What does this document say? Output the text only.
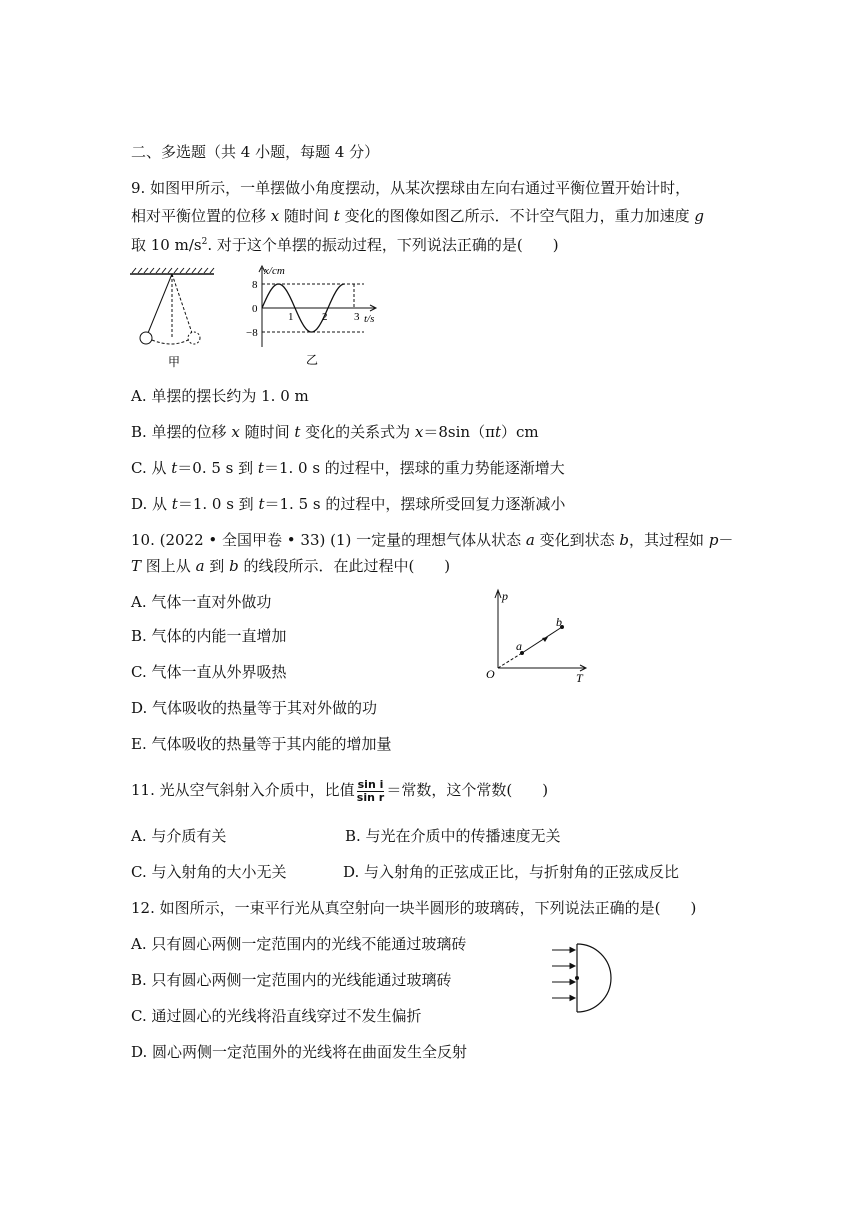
二、多选题（共 4 小题，每题 4 分）
9. 如图甲所示，一单摆做小角度摆动，从某次摆球由左向右通过平衡位置开始计时，
相对平衡位置的位移 x 随时间 t 变化的图像如图乙所示．不计空气阻力，重力加速度 g
取 10 $m/s^2$. 对于这个单摆的振动过程，下列说法正确的是(　　)
甲
x/cm
8
0
−8
1	2 3 t/s
乙
A. 单摆的摆长约为 1. 0 m
B. 单摆的位移 x 随时间 t 变化的关系式为 x＝8sin（πt）cm
C. 从 t＝0. 5 s 到 t＝1. 0 s 的过程中，摆球的重力势能逐渐增大
D. 从 t＝1. 0 s 到 t＝1. 5 s 的过程中，摆球所受回复力逐渐减小
10. (2022 • 全国甲卷 • 33) (1) 一定量的理想气体从状态 a 变化到状态 b，其过程如 p－
T 图上从 a 到 b 的线段所示．在此过程中(　　)
A. 气体一直对外做功
B. 气体的内能一直增加
C. 气体一直从外界吸热
D. 气体吸收的热量等于其对外做的功
E. 气体吸收的热量等于其内能的增加量
p
T
O
a
b
11. 光从空气斜射入介质中，比值 $\frac{\text{sin i}}{\text{sin r}}$ ＝常数，这个常数(　　)
A. 与介质有关	B. 与光在介质中的传播速度无关
C. 与入射角的大小无关	D. 与入射角的正弦成正比，与折射角的正弦成反比
12. 如图所示，一束平行光从真空射向一块半圆形的玻璃砖，下列说法正确的是(　　)
A. 只有圆心两侧一定范围内的光线不能通过玻璃砖
B. 只有圆心两侧一定范围内的光线能通过玻璃砖
C. 通过圆心的光线将沿直线穿过不发生偏折
D. 圆心两侧一定范围外的光线将在曲面发生全反射
